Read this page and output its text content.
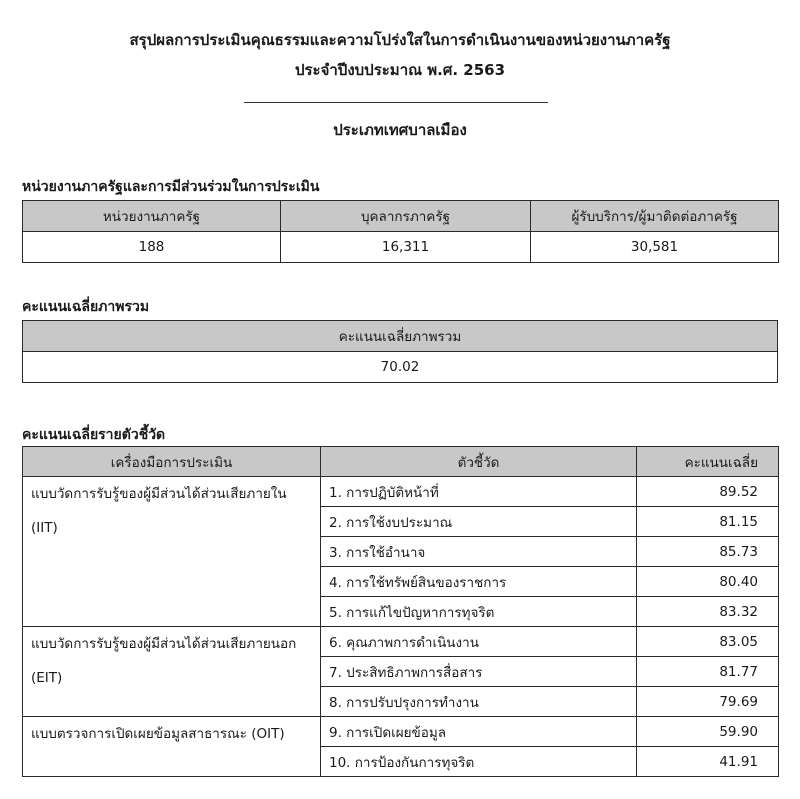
สรุปผลการประเมินคุณธรรมและความโปร่งใสในการดำเนินงานของหน่วยงานภาครัฐ
ประจำปีงบประมาณ พ.ศ. 2563
ประเภทเทศบาลเมือง
หน่วยงานภาครัฐและการมีส่วนร่วมในการประเมิน
หน่วยงานภาครัฐ	บุคลากรภาครัฐ	ผู้รับบริการ/ผู้มาติดต่อภาครัฐ
188	16,311	30,581
คะแนนเฉลี่ยภาพรวม
คะแนนเฉลี่ยภาพรวม
70.02
คะแนนเฉลี่ยรายตัวชี้วัด
เครื่องมือการประเมิน	ตัวชี้วัด	คะแนนเฉลี่ย
แบบวัดการรับรู้ของผู้มีส่วนได้ส่วนเสียภายใน (IIT)	1. การปฏิบัติหน้าที่	89.52
	2. การใช้งบประมาณ	81.15
	3. การใช้อำนาจ	85.73
	4. การใช้ทรัพย์สินของราชการ	80.40
	5. การแก้ไขปัญหาการทุจริต	83.32
แบบวัดการรับรู้ของผู้มีส่วนได้ส่วนเสียภายนอก (EIT)	6. คุณภาพการดำเนินงาน	83.05
	7. ประสิทธิภาพการสื่อสาร	81.77
	8. การปรับปรุงการทำงาน	79.69
แบบตรวจการเปิดเผยข้อมูลสาธารณะ (OIT)	9. การเปิดเผยข้อมูล	59.90
	10. การป้องกันการทุจริต	41.91
